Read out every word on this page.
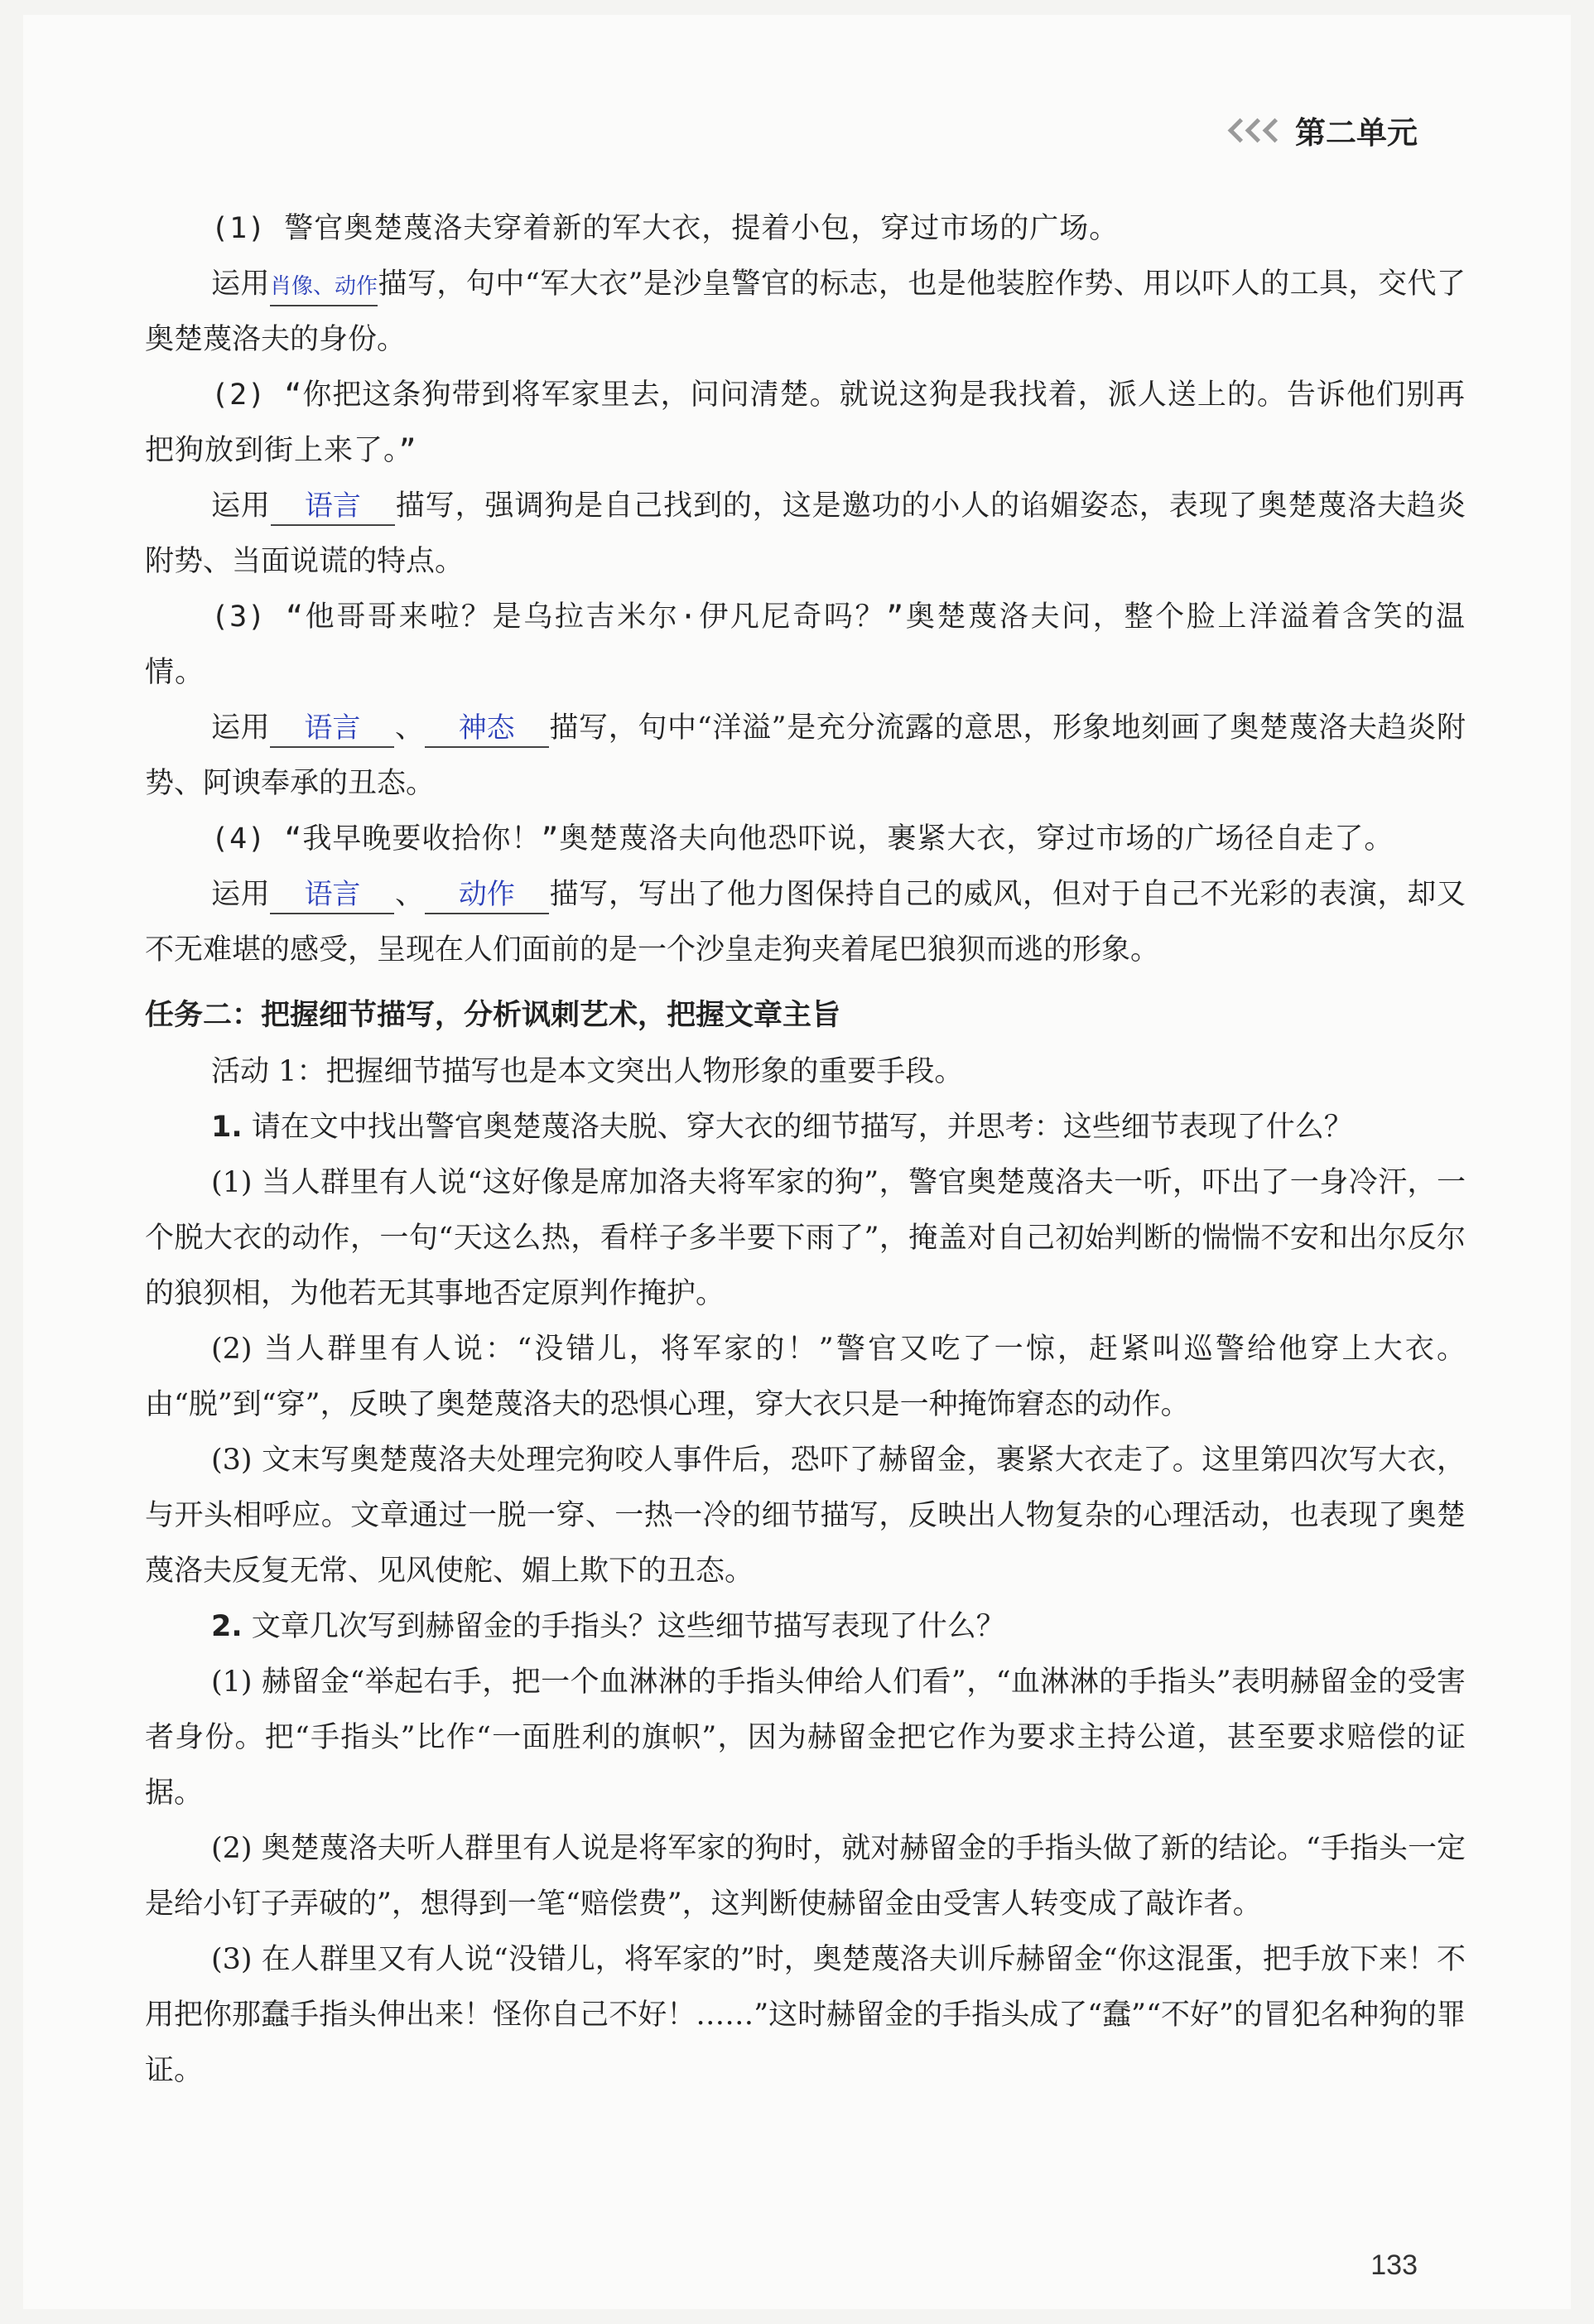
第二单元

(1) 警官奥楚蔑洛夫穿着新的军大衣，提着小包，穿过市场的广场。

运用肖像、动作描写，句中“军大衣”是沙皇警官的标志，也是他装腔作势、用以吓人的工具，交代了奥楚蔑洛夫的身份。

(2) “你把这条狗带到将军家里去，问问清楚。就说这狗是我找着，派人送上的。告诉他们别再把狗放到街上来了。”

运用 语言 描写，强调狗是自己找到的，这是邀功的小人的谄媚姿态，表现了奥楚蔑洛夫趋炎附势、当面说谎的特点。

(3) “他哥哥来啦？是乌拉吉米尔·伊凡尼奇吗？”奥楚蔑洛夫问，整个脸上洋溢着含笑的温情。

运用 语言 、 神态 描写，句中“洋溢”是充分流露的意思，形象地刻画了奥楚蔑洛夫趋炎附势、阿谀奉承的丑态。

(4) “我早晚要收拾你！”奥楚蔑洛夫向他恐吓说，裹紧大衣，穿过市场的广场径自走了。

运用 语言 、 动作 描写，写出了他力图保持自己的威风，但对于自己不光彩的表演，却又不无难堪的感受，呈现在人们面前的是一个沙皇走狗夹着尾巴狼狈而逃的形象。

任务二：把握细节描写，分析讽刺艺术，把握文章主旨

活动 1：把握细节描写也是本文突出人物形象的重要手段。

1. 请在文中找出警官奥楚蔑洛夫脱、穿大衣的细节描写，并思考：这些细节表现了什么？

(1) 当人群里有人说“这好像是席加洛夫将军家的狗”，警官奥楚蔑洛夫一听，吓出了一身冷汗，一个脱大衣的动作，一句“天这么热，看样子多半要下雨了”，掩盖对自己初始判断的惴惴不安和出尔反尔的狼狈相，为他若无其事地否定原判作掩护。

(2) 当人群里有人说：“没错儿，将军家的！”警官又吃了一惊，赶紧叫巡警给他穿上大衣。由“脱”到“穿”，反映了奥楚蔑洛夫的恐惧心理，穿大衣只是一种掩饰窘态的动作。

(3) 文末写奥楚蔑洛夫处理完狗咬人事件后，恐吓了赫留金，裹紧大衣走了。这里第四次写大衣，与开头相呼应。文章通过一脱一穿、一热一冷的细节描写，反映出人物复杂的心理活动，也表现了奥楚蔑洛夫反复无常、见风使舵、媚上欺下的丑态。

2. 文章几次写到赫留金的手指头？这些细节描写表现了什么？

(1) 赫留金“举起右手，把一个血淋淋的手指头伸给人们看”，“血淋淋的手指头”表明赫留金的受害者身份。把“手指头”比作“一面胜利的旗帜”，因为赫留金把它作为要求主持公道，甚至要求赔偿的证据。

(2) 奥楚蔑洛夫听人群里有人说是将军家的狗时，就对赫留金的手指头做了新的结论。“手指头一定是给小钉子弄破的”，想得到一笔“赔偿费”，这判断使赫留金由受害人转变成了敲诈者。

(3) 在人群里又有人说“没错儿，将军家的”时，奥楚蔑洛夫训斥赫留金“你这混蛋，把手放下来！不用把你那蠢手指头伸出来！怪你自己不好！……”这时赫留金的手指头成了“蠢”“不好”的冒犯名种狗的罪证。

133
